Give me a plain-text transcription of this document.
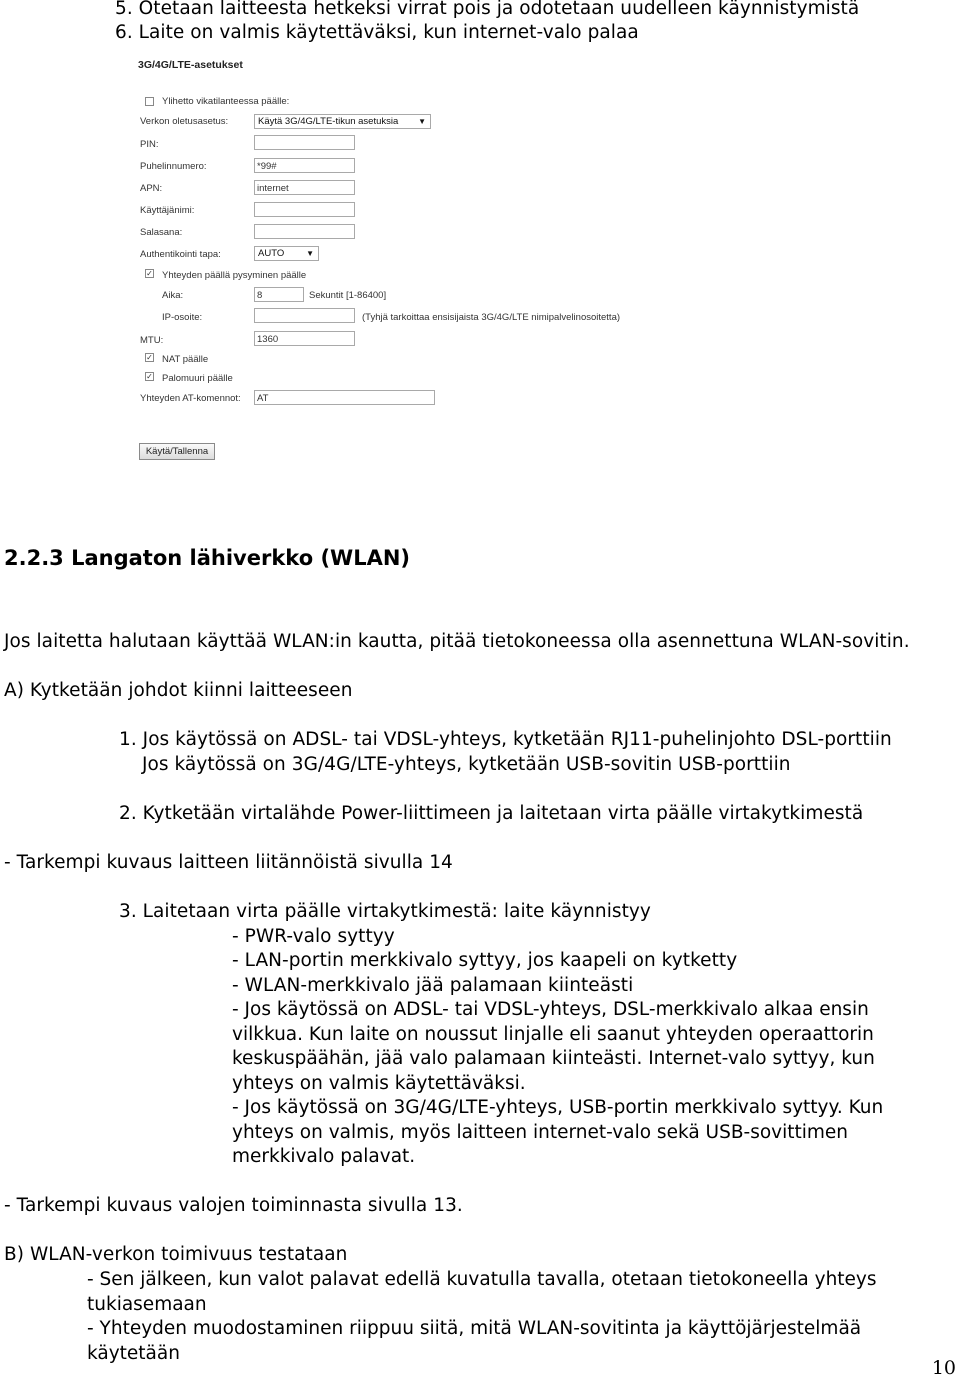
5. Otetaan laitteesta hetkeksi virrat pois ja odotetaan uudelleen käynnistymistä
6. Laite on valmis käytettäväksi, kun internet-valo palaa
3G/4G/LTE-asetukset
Ylihetto vikatilanteessa päälle:
Verkon oletusasetus:	Käytä 3G/4G/LTE-tikun asetuksia ▼
PIN:
Puhelinnumero:	*99#
APN:	internet
Käyttäjänimi:
Salasana:
Authentikointi tapa:	AUTO	▼
✓ Yhteyden päällä pysyminen päälle
Aika:	8	Sekuntit [1-86400]
IP-osoite:	(Tyhjä tarkoittaa ensisijaista 3G/4G/LTE nimipalvelinosoitetta)
MTU:	1360
✓ NAT päälle
✓ Palomuuri päälle
Yhteyden AT-komennot:	AT
Käytä/Tallenna
2.2.3 Langaton lähiverkko (WLAN)
Jos laitetta halutaan käyttää WLAN:in kautta, pitää tietokoneessa olla asennettuna WLAN-sovitin.
A) Kytketään johdot kiinni laitteeseen
1. Jos käytössä on ADSL- tai VDSL-yhteys, kytketään RJ11-puhelinjohto DSL-porttiin
Jos käytössä on 3G/4G/LTE-yhteys, kytketään USB-sovitin USB-porttiin
2. Kytketään virtalähde Power-liittimeen ja laitetaan virta päälle virtakytkimestä
- Tarkempi kuvaus laitteen liitännöistä sivulla 14
3. Laitetaan virta päälle virtakytkimestä: laite käynnistyy
- PWR-valo syttyy
- LAN-portin merkkivalo syttyy, jos kaapeli on kytketty
- WLAN-merkkivalo jää palamaan kiinteästi
- Jos käytössä on ADSL- tai VDSL-yhteys, DSL-merkkivalo alkaa ensin vilkkua. Kun laite on noussut linjalle eli saanut yhteyden operaattorin keskuspäähän, jää valo palamaan kiinteästi. Internet-valo syttyy, kun yhteys on valmis käytettäväksi.
- Jos käytössä on 3G/4G/LTE-yhteys, USB-portin merkkivalo syttyy. Kun yhteys on valmis, myös laitteen internet-valo sekä USB-sovittimen merkkivalo palavat.
- Tarkempi kuvaus valojen toiminnasta sivulla 13.
B) WLAN-verkon toimivuus testataan
- Sen jälkeen, kun valot palavat edellä kuvatulla tavalla, otetaan tietokoneella yhteys tukiasemaan
- Yhteyden muodostaminen riippuu siitä, mitä WLAN-sovitinta ja käyttöjärjestelmää käytetään
10
